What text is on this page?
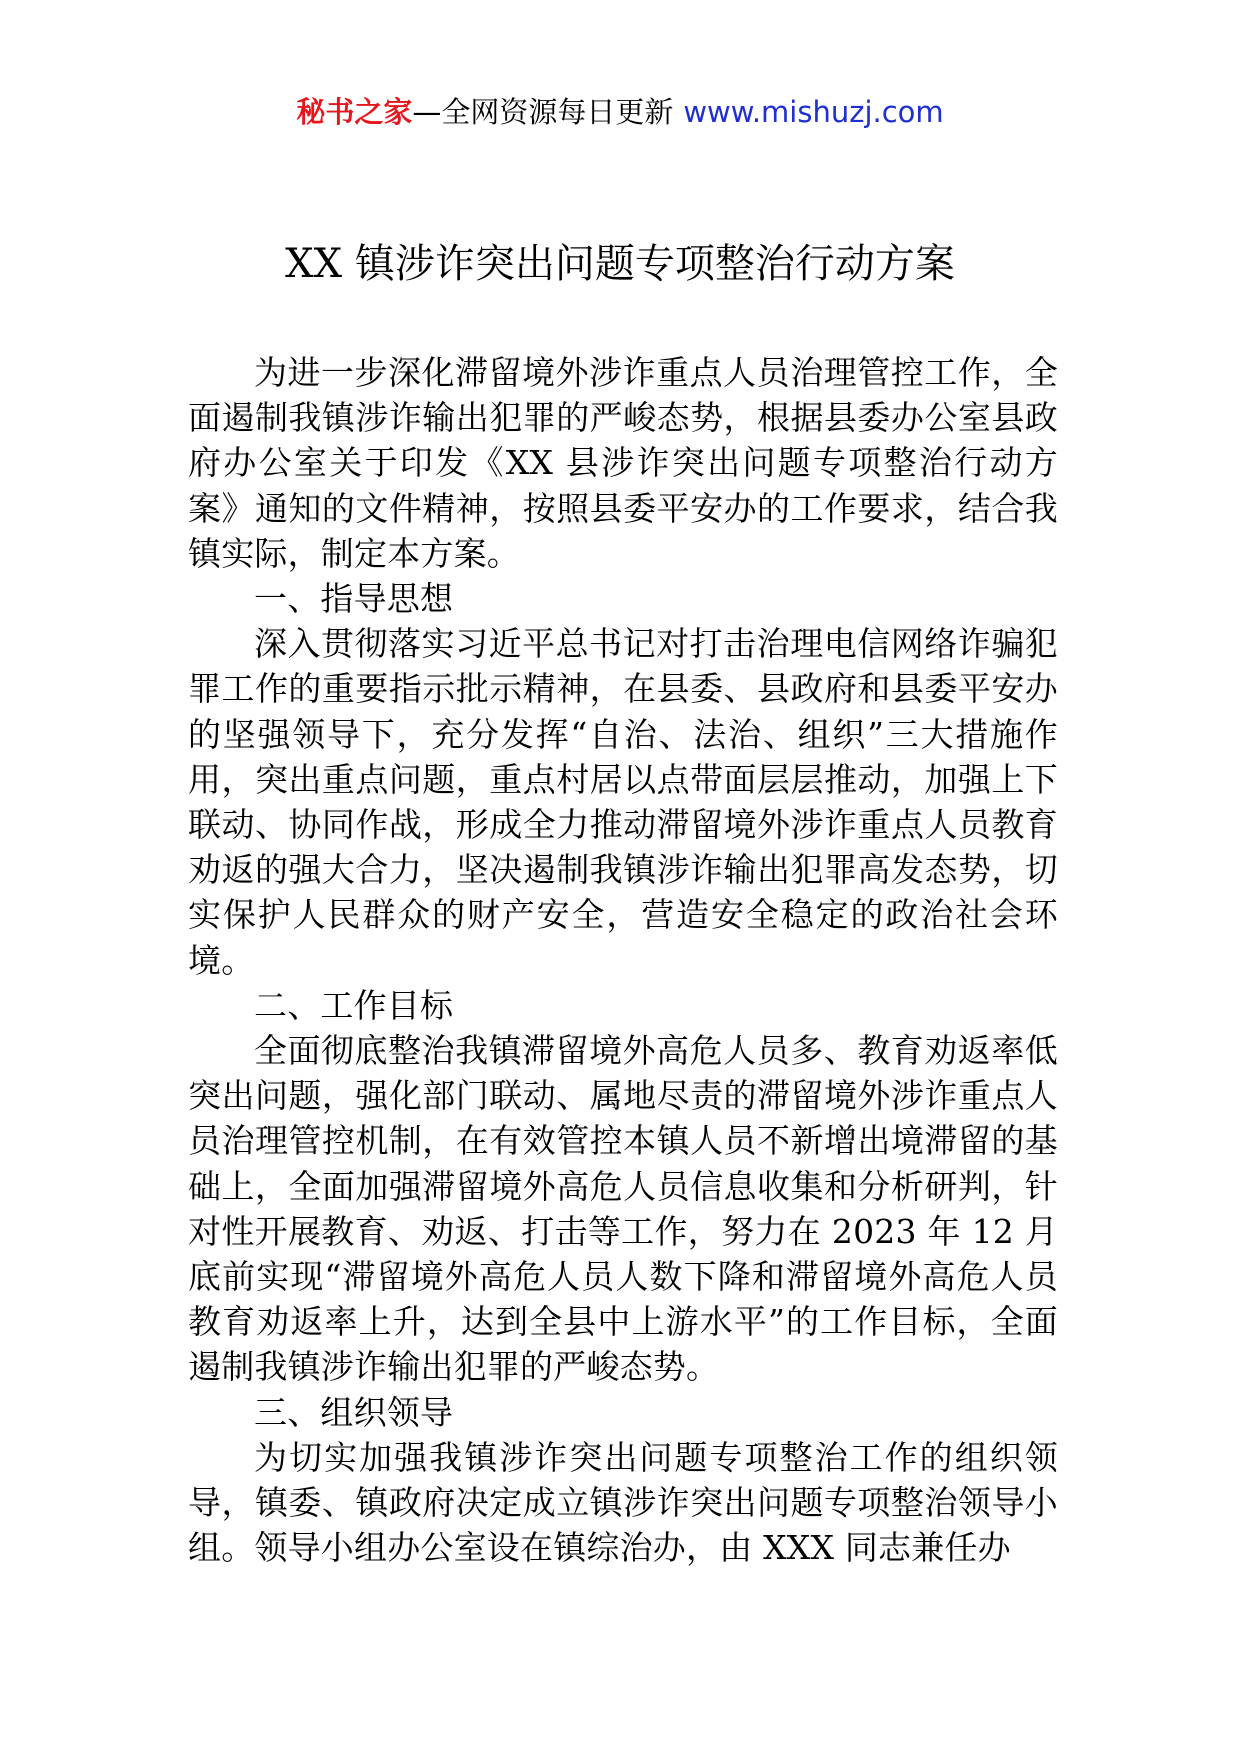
秘书之家—全网资源每日更新 www.mishuzj.com
XX 镇涉诈突出问题专项整治行动方案

为进一步深化滞留境外涉诈重点人员治理管控工作，全面遏制我镇涉诈输出犯罪的严峻态势，根据县委办公室县政府办公室关于印发《XX 县涉诈突出问题专项整治行动方案》通知的文件精神，按照县委平安办的工作要求，结合我镇实际，制定本方案。

一、指导思想

深入贯彻落实习近平总书记对打击治理电信网络诈骗犯罪工作的重要指示批示精神，在县委、县政府和县委平安办的坚强领导下，充分发挥“自治、法治、组织”三大措施作用，突出重点问题，重点村居以点带面层层推动，加强上下联动、协同作战，形成全力推动滞留境外涉诈重点人员教育劝返的强大合力，坚决遏制我镇涉诈输出犯罪高发态势，切实保护人民群众的财产安全，营造安全稳定的政治社会环境。

二、工作目标

全面彻底整治我镇滞留境外高危人员多、教育劝返率低突出问题，强化部门联动、属地尽责的滞留境外涉诈重点人员治理管控机制，在有效管控本镇人员不新增出境滞留的基础上，全面加强滞留境外高危人员信息收集和分析研判，针对性开展教育、劝返、打击等工作，努力在 2023 年 12 月底前实现“滞留境外高危人员人数下降和滞留境外高危人员教育劝返率上升，达到全县中上游水平”的工作目标，全面遏制我镇涉诈输出犯罪的严峻态势。

三、组织领导

为切实加强我镇涉诈突出问题专项整治工作的组织领导，镇委、镇政府决定成立镇涉诈突出问题专项整治领导小组。领导小组办公室设在镇综治办，由 XXX 同志兼任办
